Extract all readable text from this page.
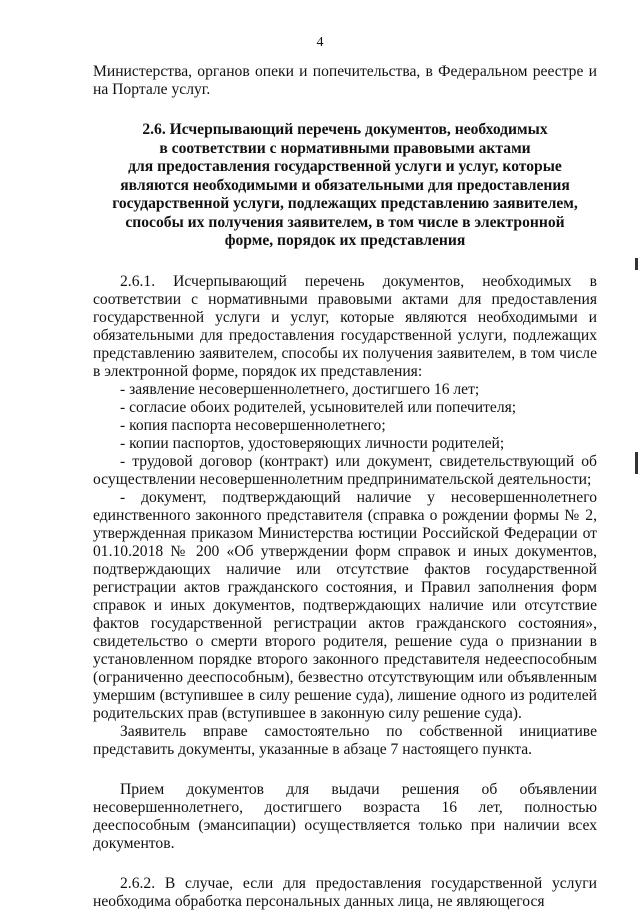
4

Министерства, органов опеки и попечительства, в Федеральном реестре и на Портале услуг.

2.6. Исчерпывающий перечень документов, необходимых
в соответствии с нормативными правовыми актами
для предоставления государственной услуги и услуг, которые
являются необходимыми и обязательными для предоставления
государственной услуги, подлежащих представлению заявителем,
способы их получения заявителем, в том числе в электронной
форме, порядок их представления

2.6.1. Исчерпывающий перечень документов, необходимых в соответствии с нормативными правовыми актами для предоставления государственной услуги и услуг, которые являются необходимыми и обязательными для предоставления государственной услуги, подлежащих представлению заявителем, способы их получения заявителем, в том числе в электронной форме, порядок их представления:

- заявление несовершеннолетнего, достигшего 16 лет;

- согласие обоих родителей, усыновителей или попечителя;

- копия паспорта несовершеннолетнего;

- копии паспортов, удостоверяющих личности родителей;

- трудовой договор (контракт) или документ, свидетельствующий об осуществлении несовершеннолетним предпринимательской деятельности;

- документ, подтверждающий наличие у несовершеннолетнего единственного законного представителя (справка о рождении формы № 2, утвержденная приказом Министерства юстиции Российской Федерации от 01.10.2018 № 200 «Об утверждении форм справок и иных документов, подтверждающих наличие или отсутствие фактов государственной регистрации актов гражданского состояния, и Правил заполнения форм справок и иных документов, подтверждающих наличие или отсутствие фактов государственной регистрации актов гражданского состояния», свидетельство о смерти второго родителя, решение суда о признании в установленном порядке второго законного представителя недееспособным (ограниченно дееспособным), безвестно отсутствующим или объявленным умершим (вступившее в силу решение суда), лишение одного из родителей родительских прав (вступившее в законную силу решение суда).

Заявитель вправе самостоятельно по собственной инициативе представить документы, указанные в абзаце 7 настоящего пункта.

Прием документов для выдачи решения об объявлении несовершеннолетнего, достигшего возраста 16 лет, полностью дееспособным (эмансипации) осуществляется только при наличии всех документов.

2.6.2. В случае, если для предоставления государственной услуги необходима обработка персональных данных лица, не являющегося
